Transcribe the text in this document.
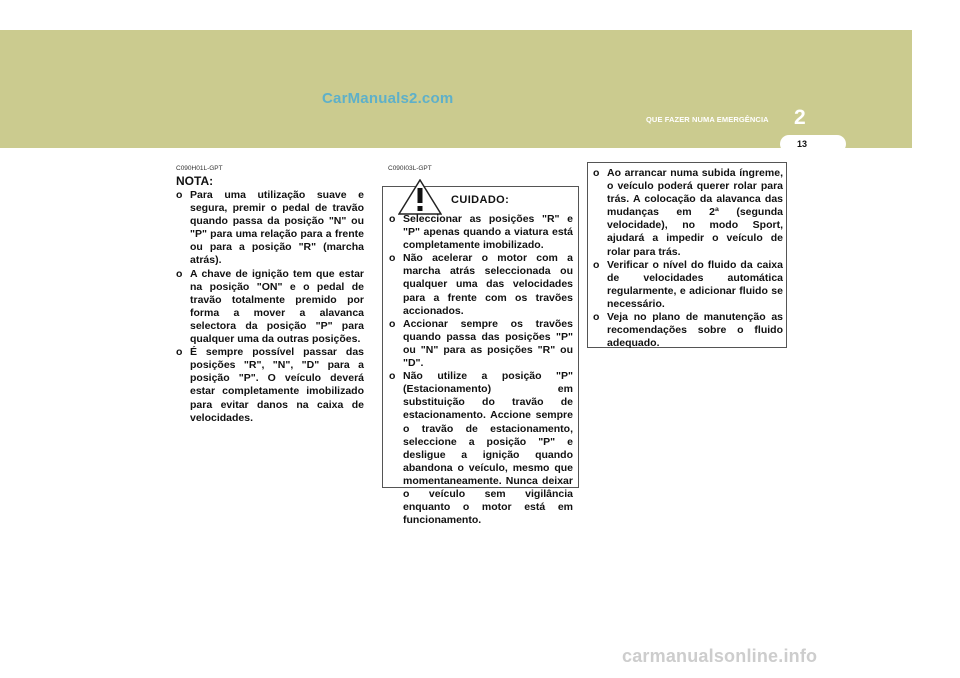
CarManuals2.com
2
QUE FAZER NUMA EMERGÊNCIA
13
C090H01L-GPT
NOTA:
o Para uma utilização suave e segura, premir o pedal de travão quando passa da posição "N" ou "P" para uma relação para a frente ou para a posição "R" (marcha atrás).
o A chave de ignição tem que estar na posição "ON" e o pedal de travão totalmente premido por forma a mover a alavanca selectora da posição "P" para qualquer uma da outras posições.
o É sempre possível passar das posições "R", "N", "D" para a posição "P". O veículo deverá estar completamente imobilizado para evitar danos na caixa de velocidades.
C090I03L-GPT
CUIDADO:
o Seleccionar as posições "R" e "P" apenas quando a viatura está completamente imobilizado.
o Não acelerar o motor com a marcha atrás seleccionada ou qualquer uma das velocidades para a frente com os travões accionados.
o Accionar sempre os travões quando passa das posições "P" ou "N" para as posições "R" ou "D".
o Não utilize a posição "P" (Estacionamento) em substituição do travão de estacionamento. Accione sempre o travão de estacionamento, seleccione a posição "P" e desligue a ignição quando abandona o veículo, mesmo que momentaneamente. Nunca deixar o veículo sem vigilância enquanto o motor está em funcionamento.
o Ao arrancar numa subida íngreme, o veículo poderá querer rolar para trás. A colocação da alavanca das mudanças em 2ª (segunda velocidade), no modo Sport, ajudará a impedir o veículo de rolar para trás.
o Verificar o nível do fluido da caixa de velocidades automática regularmente, e adicionar fluido se necessário.
o Veja no plano de manutenção as recomendações sobre o fluido adequado.
carmanualsonline.info
